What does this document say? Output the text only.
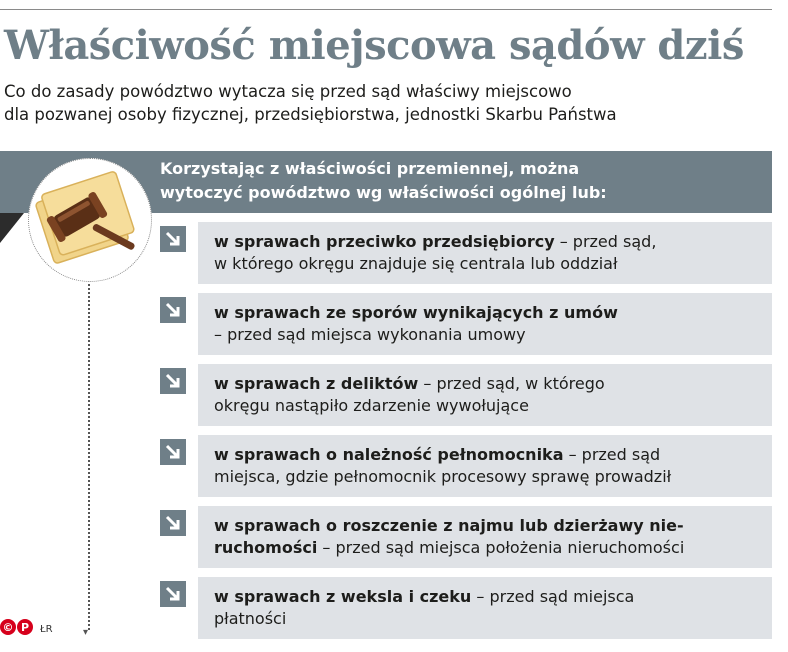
Właściwość miejscowa sądów dziś
Co do zasady powództwo wytacza się przed sąd właściwy miejscowo
dla pozwanej osoby fizycznej, przedsiębiorstwa, jednostki Skarbu Państwa
Korzystając z właściwości przemiennej, można
wytoczyć powództwo wg właściwości ogólnej lub:
▾
w sprawach przeciwko przedsiębiorcy – przed sąd,
w którego okręgu znajduje się centrala lub oddział
w sprawach ze sporów wynikających z umów
– przed sąd miejsca wykonania umowy
w sprawach z deliktów – przed sąd, w którego
okręgu nastąpiło zdarzenie wywołujące
w sprawach o należność pełnomocnika – przed sąd
miejsca, gdzie pełnomocnik procesowy sprawę prowadził
w sprawach o roszczenie z najmu lub dzierżawy nie-
ruchomości – przed sąd miejsca położenia nieruchomości
w sprawach z weksla i czeku – przed sąd miejsca
płatności
© P	ŁR
